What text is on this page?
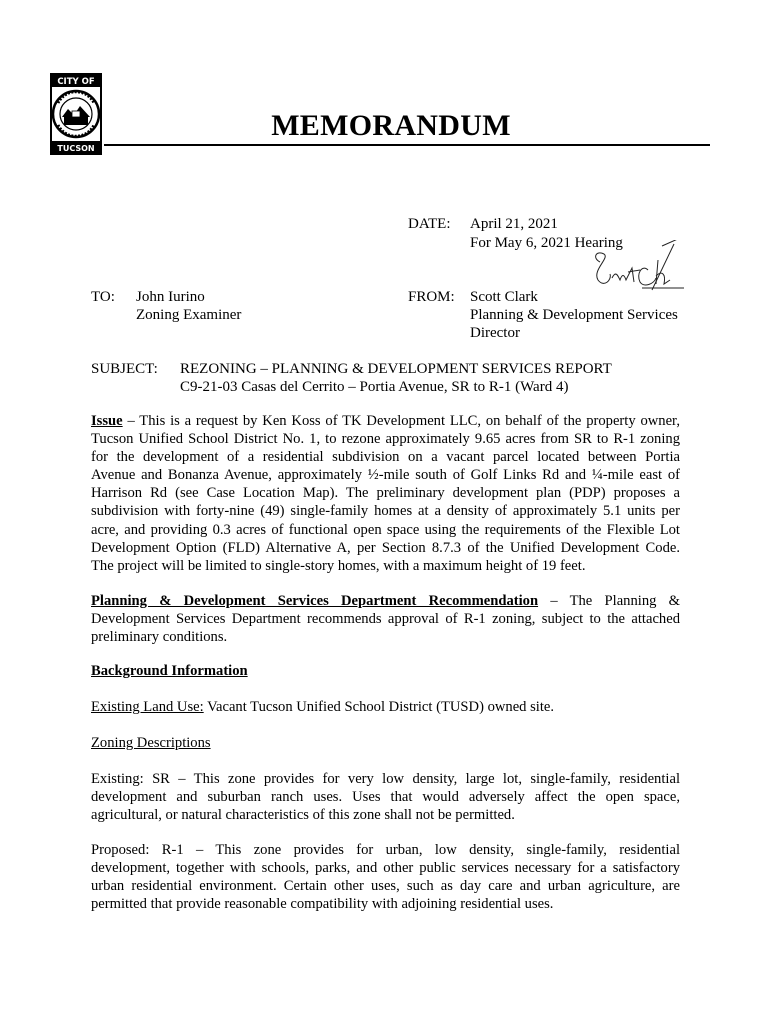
CITY OF
TUCSON
MEMORANDUM
DATE: April 21, 2021
For May 6, 2021 Hearing
TO: John Iurino
Zoning Examiner
FROM: Scott Clark
Planning & Development Services
Director
SUBJECT: REZONING – PLANNING & DEVELOPMENT SERVICES REPORT
C9-21-03 Casas del Cerrito – Portia Avenue, SR to R-1 (Ward 4)
Issue – This is a request by Ken Koss of TK Development LLC, on behalf of the property owner,
Tucson Unified School District No. 1, to rezone approximately 9.65 acres from SR to R-1 zoning
for the development of a residential subdivision on a vacant parcel located between Portia
Avenue and Bonanza Avenue, approximately ½-mile south of Golf Links Rd and ¼-mile east of
Harrison Rd (see Case Location Map). The preliminary development plan (PDP) proposes a
subdivision with forty-nine (49) single-family homes at a density of approximately 5.1 units per
acre, and providing 0.3 acres of functional open space using the requirements of the Flexible Lot
Development Option (FLD) Alternative A, per Section 8.7.3 of the Unified Development Code.
The project will be limited to single-story homes, with a maximum height of 19 feet.
Planning & Development Services Department Recommendation – The Planning &
Development Services Department recommends approval of R-1 zoning, subject to the attached
preliminary conditions.
Background Information
Existing Land Use: Vacant Tucson Unified School District (TUSD) owned site.
Zoning Descriptions
Existing: SR – This zone provides for very low density, large lot, single-family, residential
development and suburban ranch uses. Uses that would adversely affect the open space,
agricultural, or natural characteristics of this zone shall not be permitted.
Proposed: R-1 – This zone provides for urban, low density, single-family, residential
development, together with schools, parks, and other public services necessary for a satisfactory
urban residential environment. Certain other uses, such as day care and urban agriculture, are
permitted that provide reasonable compatibility with adjoining residential uses.
